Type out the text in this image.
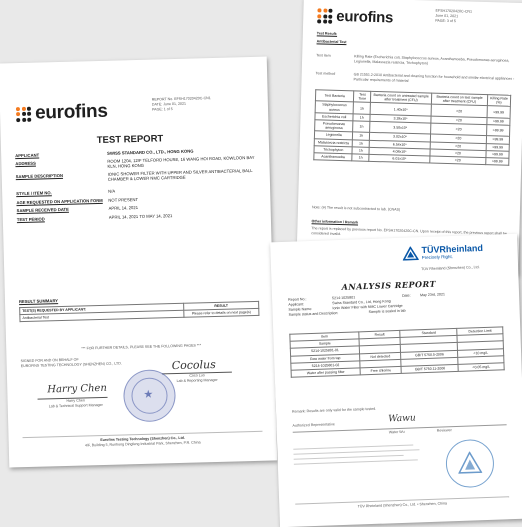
eurofins
REPORT No. EFSH17020420C-CN1
DATE: June 01, 2021
PAGE: 1 of 5
TEST REPORT
APPLICANT	SWISS STANDARD CO., LTD., HONG KONG
ADDRESS	ROOM 1204, 12/F TELFORD HOUSE, 16 WANG HOI ROAD, KOWLOON BAY KLN, HONG KONG
SAMPLE DESCRIPTION	IONIC SHOWER FILTER WITH UPPER AND SILVER ANTIBACTERIAL BALL CHAMBER & LOWER NMC CARTRIDGE
STYLE / ITEM NO.	N/A
AGE REQUESTED ON APPLICATION FORM	NOT PRESENT
SAMPLE RECEIVED DATE	APRIL 14, 2021
TEST PERIOD	APRIL 14, 2021 TO MAY 14, 2021
RESULT SUMMARY
TEST(S) REQUESTED BY APPLICANT:	RESULT
Antibacterial Test	Please refer to details on next page(s)
*** FOR FURTHER DETAILS, PLEASE SEE THE FOLLOWING PAGES ***
SIGNED FOR AND ON BEHALF OF
EUROFINS TESTING TECHNOLOGY (SHENZHEN) CO., LTD.
Harry Chen
Cocolus
Harry Chen
Lab & Technical Support Manager
Coco Luo
Lab & Reporting Manager
★
Eurofins Testing Technology (Shenzhen) Co., Ltd.
4/F, Building 5, Runhong Dingfeng Industrial Park, Shenzhen, P.R. China
eurofins	EFSH17020420C-CN1
June 01, 2021
PAGE: 3 of 5
Test Result:
Antibacterial Test
Test item	Killing Rate (Escherichia coli, Staphylococcus aureus, Acanthamoeba, Pseudomonas aeruginosa, Legionella, Malassezia restricta, Trichophyton)
Test method	GB 21551.2-2010 Antibacterial and cleaning function for household and similar electrical appliances - Particular requirements of material
Test Bacteria	Test Time	Bacteria count on untreated sample after treatment (CFU)	Bacteria count on test sample after treatment (CFU)	Killing Rate (%)
Staphylococcus aureus	1h	1.40x10⁵	<20	>99.99
Escherichia coli	1h	3.28x10⁵	<20	>99.99
Pseudomonas aeruginosa	1h	3.50x10⁵	<20	>99.99
Legionella	1h	3.02x10⁵	<20	>99.99
Malassezia restricta	1h	6.54x10⁵	<20	>99.99
Trichophyton	1h	4.08x10⁵	<20	>99.99
Acanthamoeba	1h	6.01x10⁵	<20	>99.99
Note: (#) The result is not subcontracted to lab. (CNAS)
Other information / Remark
The report is replaced by previous report No. EFSH17020420C-CN. Upon receipt of this report, the previous report shall be considered invalid.
TÜVRheinland
Precisely Right.
TÜV Rheinland (Shenzhen) Co., Ltd.
ANALYSIS REPORT
Report No.:	5214-1025801	Date:	May 23rd, 2021
Applicant:	Swiss Standard Co., Ltd, Hong Kong
Sample Name:	Ionic Water Filter with NMC Lower Cartridge
Sample status and Description:	Sample is sealed in lab
Item	Result	Standard	Detection Limit
Sample			
5214-1025801-01			
Raw water from tap	Not detected	GB/T 5750.5-2006	<10 mg/L
5214-1025801-02			
Water after passing filter	Free chlorine	GB/T 5750.11-2006	<0.05 mg/L
Remark: Results are only valid for the sample tested.
Authorized Representative
Wawu
Water Wu	Reviewer
TÜV Rheinland (Shenzhen) Co., Ltd. • Shenzhen, China
